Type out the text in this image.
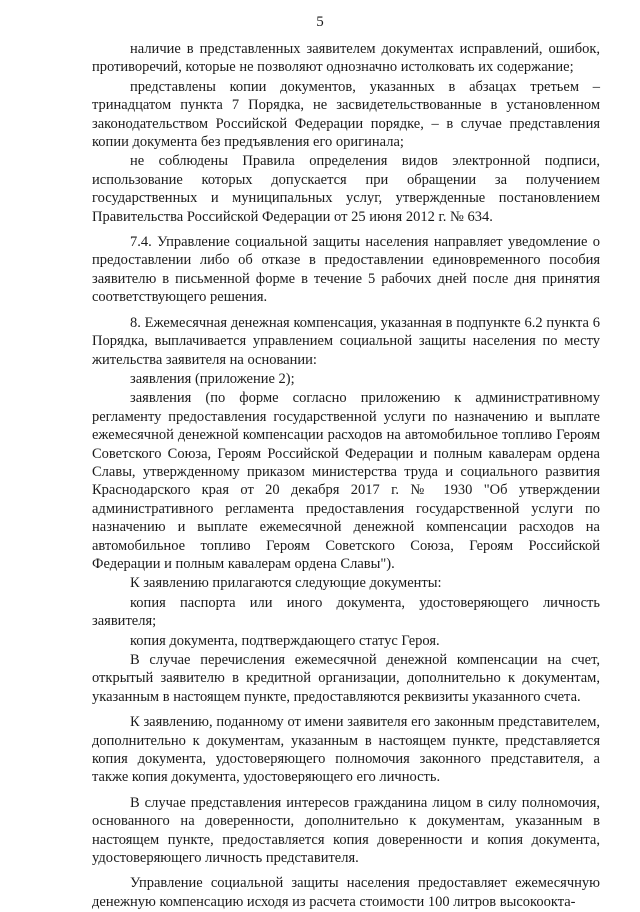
5

наличие в представленных заявителем документах исправлений, ошибок, противоречий, которые не позволяют однозначно истолковать их содержание;

представлены копии документов, указанных в абзацах третьем – тринадцатом пункта 7 Порядка, не засвидетельствованные в установленном законодательством Российской Федерации порядке, – в случае представления копии документа без предъявления его оригинала;

не соблюдены Правила определения видов электронной подписи, использование которых допускается при обращении за получением государственных и муниципальных услуг, утвержденные постановлением Правительства Российской Федерации от 25 июня 2012 г. № 634.

7.4. Управление социальной защиты населения направляет уведомление о предоставлении либо об отказе в предоставлении единовременного пособия заявителю в письменной форме в течение 5 рабочих дней после дня принятия соответствующего решения.

8. Ежемесячная денежная компенсация, указанная в подпункте 6.2 пункта 6 Порядка, выплачивается управлением социальной защиты населения по месту жительства заявителя на основании:

заявления (приложение 2);

заявления (по форме согласно приложению к административному регламенту предоставления государственной услуги по назначению и выплате ежемесячной денежной компенсации расходов на автомобильное топливо Героям Советского Союза, Героям Российской Федерации и полным кавалерам ордена Славы, утвержденному приказом министерства труда и социального развития Краснодарского края от 20 декабря 2017 г. № 1930 "Об утверждении административного регламента предоставления государственной услуги по назначению и выплате ежемесячной денежной компенсации расходов на автомобильное топливо Героям Советского Союза, Героям Российской Федерации и полным кавалерам ордена Славы").

К заявлению прилагаются следующие документы:

копия паспорта или иного документа, удостоверяющего личность заявителя;

копия документа, подтверждающего статус Героя.

В случае перечисления ежемесячной денежной компенсации на счет, открытый заявителю в кредитной организации, дополнительно к документам, указанным в настоящем пункте, предоставляются реквизиты указанного счета.

К заявлению, поданному от имени заявителя его законным представителем, дополнительно к документам, указанным в настоящем пункте, представляется копия документа, удостоверяющего полномочия законного представителя, а также копия документа, удостоверяющего его личность.

В случае представления интересов гражданина лицом в силу полномочия, основанного на доверенности, дополнительно к документам, указанным в настоящем пункте, предоставляется копия доверенности и копия документа, удостоверяющего личность представителя.

Управление социальной защиты населения предоставляет ежемесячную денежную компенсацию исходя из расчета стоимости 100 литров высокоокта-
